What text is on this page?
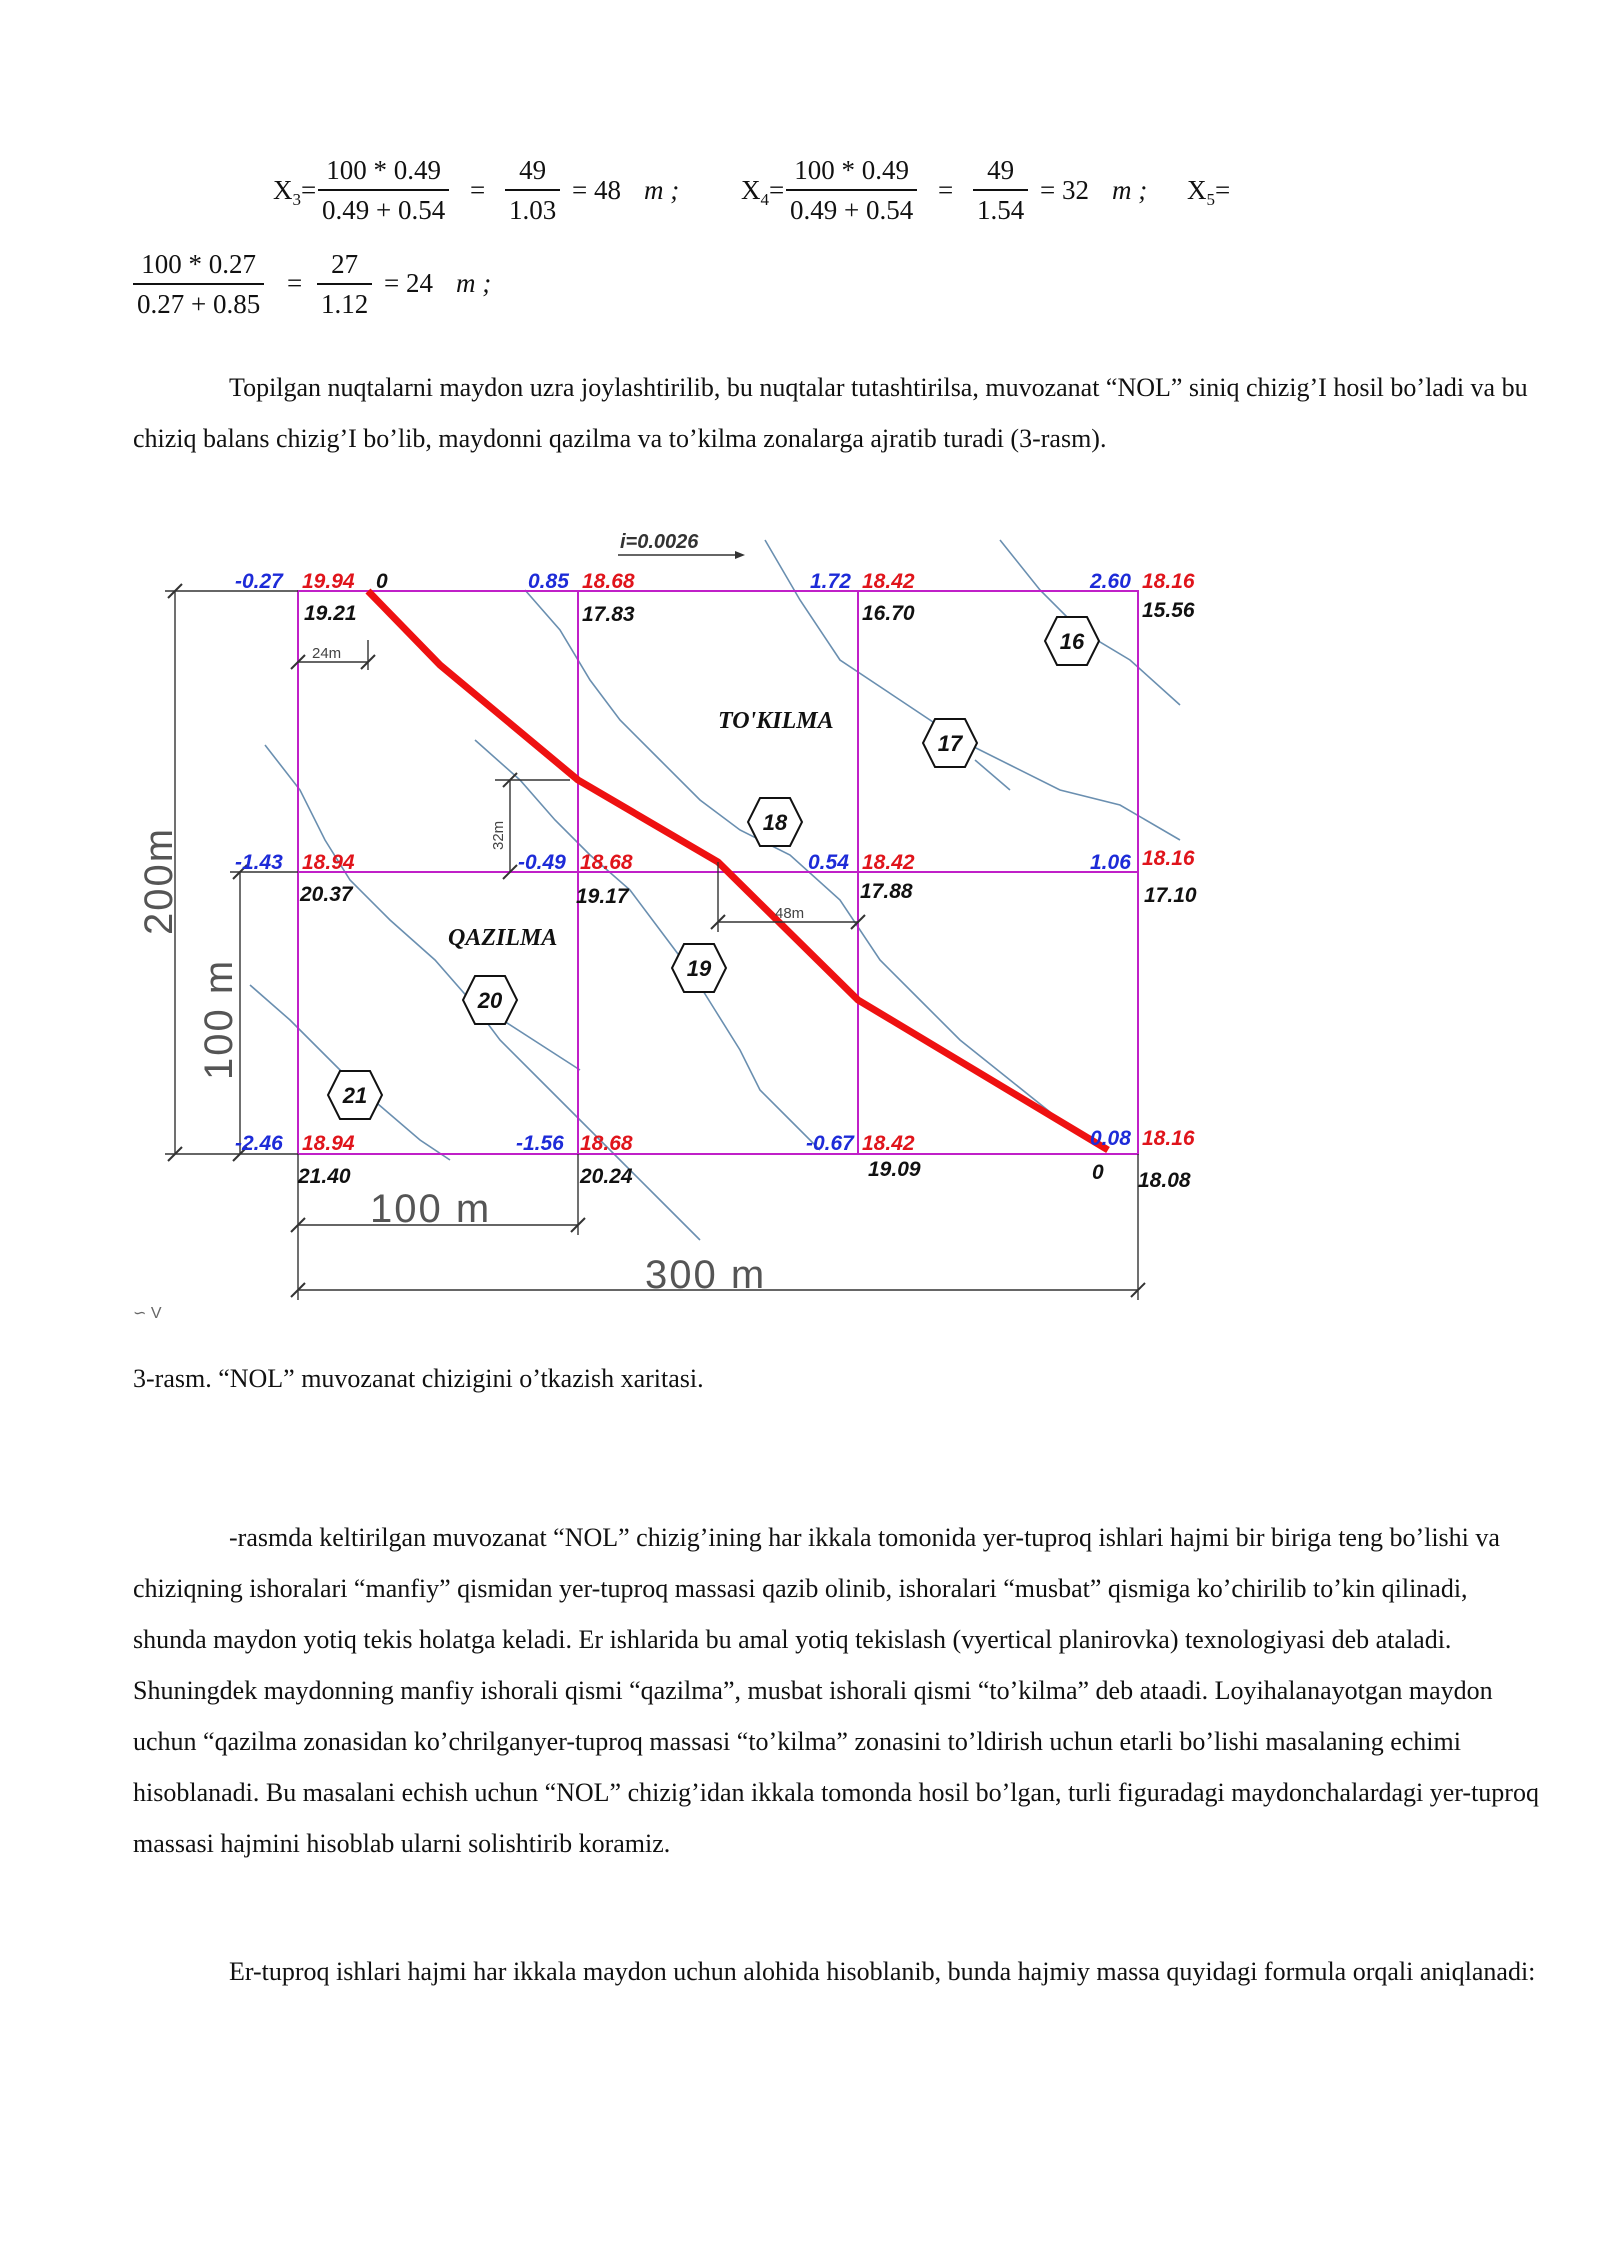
$X_3= \frac{100 * 0.49}{0.49 + 0.54} = \frac{49}{1.03} = 48$ m ; $X_4= \frac{100 * 0.49}{0.49 + 0.54} = \frac{49}{1.54} = 32$ m ; $X_5=$
$\frac{100 * 0.27}{0.27 + 0.85} = \frac{27}{1.12} = 24$ m ;

Topilgan nuqtalarni maydon uzra joylashtirilib, bu nuqtalar tutashtirilsa, muvozanat “NOL” siniq chizig’I hosil bo’ladi va bu chiziq balans chizig’I bo’lib, maydonni qazilma va to’kilma zonalarga ajratib turadi (3-rasm).

i=0.0026
200m
100 m
100 m
300 m
24m
32m
48m
TO'KILMA
QAZILMA
-0.27 19.94 0
19.21
0.85 18.68
17.83
1.72 18.42
16.70
2.60 18.16
15.56
-1.43 18.94
20.37
-0.49 18.68
19.17
0.54 18.42
17.88
1.06 18.16
17.10
-2.46 18.94
21.40
-1.56 18.68
20.24
-0.67 18.42
19.09
0.08 18.16
0 18.08
16
17
18
19
20
21
∽ V
3-rasm. “NOL” muvozanat chizigini o’tkazish xaritasi.

-rasmda keltirilgan muvozanat “NOL” chizig’ining har ikkala tomonida yer-tuproq ishlari hajmi bir biriga teng bo’lishi va chiziqning ishoralari “manfiy” qismidan yer-tuproq massasi qazib olinib, ishoralari “musbat” qismiga ko’chirilib to’kin qilinadi, shunda maydon yotiq tekis holatga keladi. Er ishlarida bu amal yotiq tekislash (vyertical planirovka) texnologiyasi deb ataladi. Shuningdek maydonning manfiy ishorali qismi “qazilma”, musbat ishorali qismi “to’kilma” deb ataadi. Loyihalanayotgan maydon uchun “qazilma zonasidan ko’chrilganyer-tuproq massasi “to’kilma” zonasini to’ldirish uchun etarli bo’lishi masalaning echimi hisoblanadi. Bu masalani echish uchun “NOL” chizig’idan ikkala tomonda hosil bo’lgan, turli figuradagi maydonchalardagi yer-tuproq massasi hajmini hisoblab ularni solishtirib koramiz.

Er-tuproq ishlari hajmi har ikkala maydon uchun alohida hisoblanib, bunda hajmiy massa quyidagi formula orqali aniqlanadi:
